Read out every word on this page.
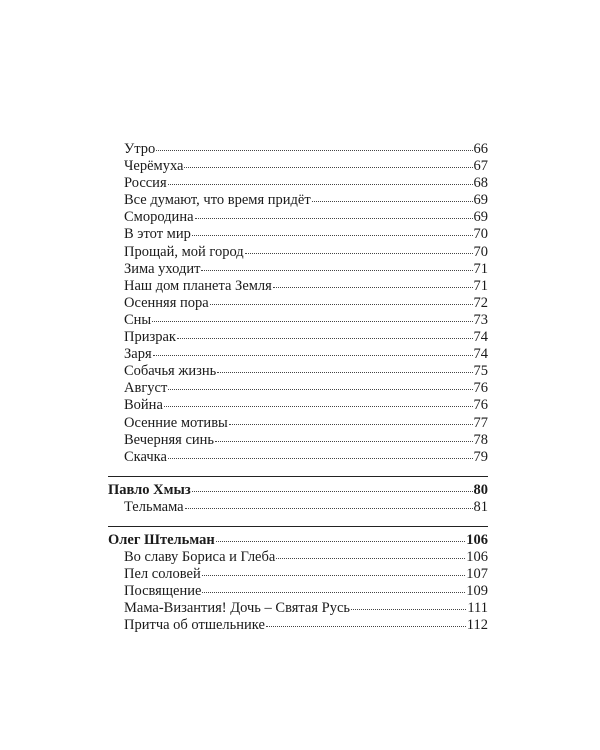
Утро	66
Черёмуха	67
Россия	68
Все думают, что время придёт	69
Смородина	69
В этот мир	70
Прощай, мой город	70
Зима уходит	71
Наш дом планета Земля	71
Осенняя пора	72
Сны	73
Призрак	74
Заря	74
Собачья жизнь	75
Август	76
Война	76
Осенние мотивы	77
Вечерняя синь	78
Скачка	79
Павло Хмыз	80
Тельмама	81
Олег Штельман	106
Во славу Бориса и Глеба	106
Пел соловей	107
Посвящение	109
Мама-Византия! Дочь – Святая Русь	111
Притча об отшельнике	112
